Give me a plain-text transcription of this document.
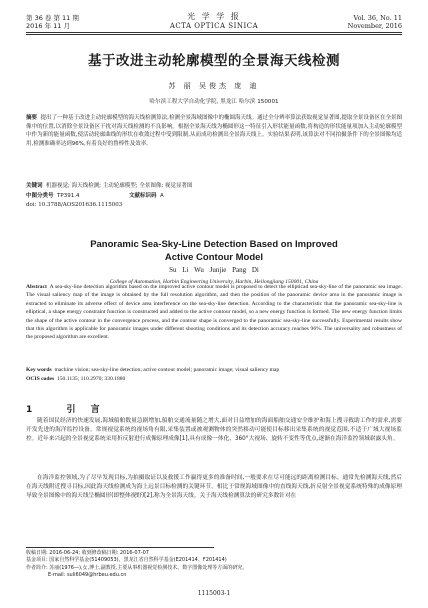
第 36 卷 第 11 期
2016 年 11 月
光 学 学 报
ACTA OPTICA SINICA
Vol. 36, No. 11
November, 2016
基于改进主动轮廓模型的全景海天线检测
苏 丽 吴俊杰 庞 迪
哈尔滨工程大学自动化学院, 黑龙江 哈尔滨 150001
摘要 提出了一种基于改进主动轮廓模型的海天线检测算法,检测全景海域图像中的椭圆海天线。通过全分辨率算法获取视觉显著图,提取全景设备区在全景图像中的位置,以消除全景设备区干扰对海天线检测的不良影响。根据全景海天线为椭圆形这一特征引入形状能量函数,将构造的形状能量项加入主动轮廓模型中作为新的能量函数,使活动轮廓曲线的形状在收敛过程中受到限制,从而成功检测出全景海天线上。实验结果表明,该算法对不同拍摄条件下的全景图像均适用,检测准确率达到96%,有着良好的鲁棒性及效率。
关键词 机器视觉; 海天线检测; 主动轮廓模型; 全景图像; 视觉显著图
中图分类号 TP391.4	文献标识码 A
doi: 10.3788/AOS201636.1115003
Panoramic Sea-Sky-Line Detection Based on Improved
Active Contour Model
Su Li Wu Junjie Pang Di
College of Automation, Harbin Engineering University, Harbin, Heilongjiang 150001, China
Abstract A sea-sky-line detection algorithm based on the improved active contour model is proposed to detect the ellipticad sea-sky-line of the panoramic sea image. The visual saliency map of the image is obtained by the full resolution algorithm, and then the position of the panoramic device area in the panoramic image is extracted to eliminate its adverse effect of device area interference on the sea-sky-line detection. According to the characteristic that the panoramic sea-sky-line is elliptical, a shape energy constraint function is constructed and added to the active contour model, so a new energy function is formed. The new energy function limits the shape of the active contour in the convergence process, and the contour shape is converged to the panoramic sea-sky-line successfully. Experimental results show that this algorithm is applicable for panoramic images under different shooting conditions and its detection accuracy reaches 96%. The universality and robustness of the proposed algorithm are excellent.
Key words machine vision; sea-sky-line detection; active contour model; panoramic image; visual saliency map
OCIS codes 150.1135; 110.2970; 330.1880
1	引 言
随着国民经济的快速发展,海域船舶数量急剧增加,船舶交通流量随之增大,面对日益增加的海面船舶交通安全维护和海上搜寻救助工作的需求,需要开发先进的海洋监控设备。常规视觉系统的视场角有限,采集装置或被观测物体的突然移动可能使目标移出采集系统的视觉范围,不适于广域大视场监控。近年来兴起的全景视觉系统采用折反射进行成像原理成像[1],具有成像一体化、360°大视场、旋转不变性等优点,逐渐在海洋监控领域崭露头角。
在海洋监控领域,为了尽早发现目标,为拍摄取证以及救援工作赢得更多的准备时间,一般要求在尽可能远的距离检测目标。通常先检测海天线,然后在海天线附近搜寻目标,因此海天线检测成为海上远景目标检测的关键环节。相比于常规海域图像中的直线海天线,折反射全景视觉系统特殊的成像原理导致全景图像中的海天线呈椭圆形(即整体视野)[2],称为全景海天线。关于海天线检测算法的研究多数针对在
收稿日期: 2016-06-24; 收到修改稿日期: 2016-07-07
基金项目: 国家自然科学基金(51409053)、黑龙江省自然科学基金(E201414、F201414)
作者简介: 苏丽(1976—),女,博士,副教授,主要从事机器视觉检测技术、数字图像处理等方面的研究。
E-mail: suli6049@hrbeu.edu.cn
1115003-1
